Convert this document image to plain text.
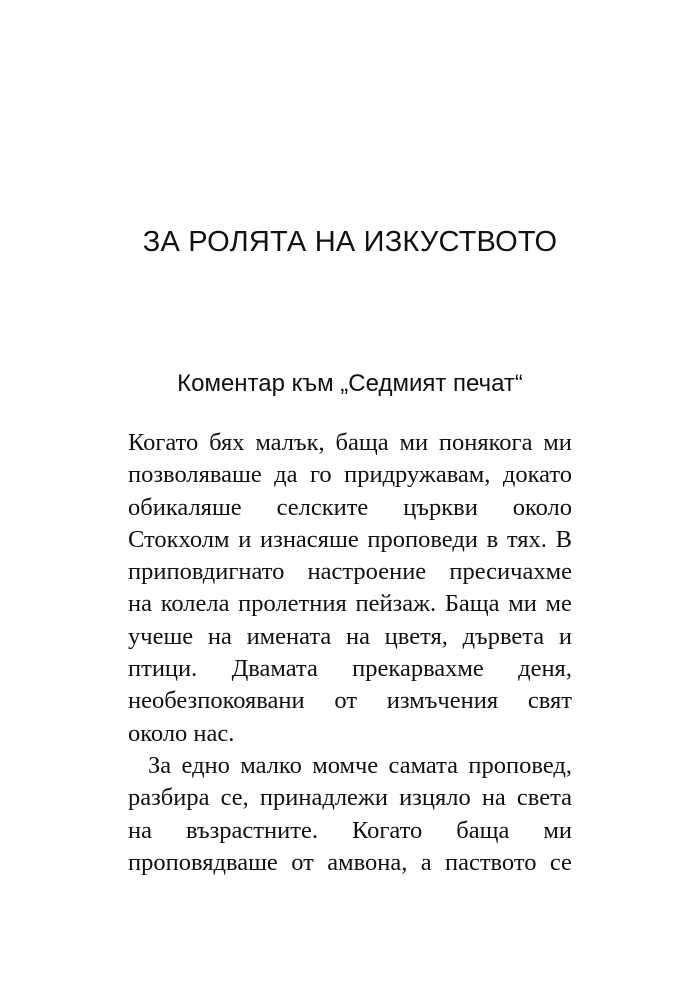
ЗА РОЛЯТА НА ИЗКУСТВОТО
Коментар към „Седмият печат“
Когато бях малък, баща ми понякога ми
позволяваше да го придружавам, докато
обикаляше селските църкви около
Стокхолм и изнасяше проповеди в тях. В
приповдигнато настроение пресичахме
на колела пролетния пейзаж. Баща ми ме
учеше на имената на цветя, дървета и
птици. Двамата прекарвахме деня,
необезпокоявани от измъчения свят
около нас.
За едно малко момче самата проповед,
разбира се, принадлежи изцяло на света
на възрастните. Когато баща ми
проповядваше от амвона, а паството се
